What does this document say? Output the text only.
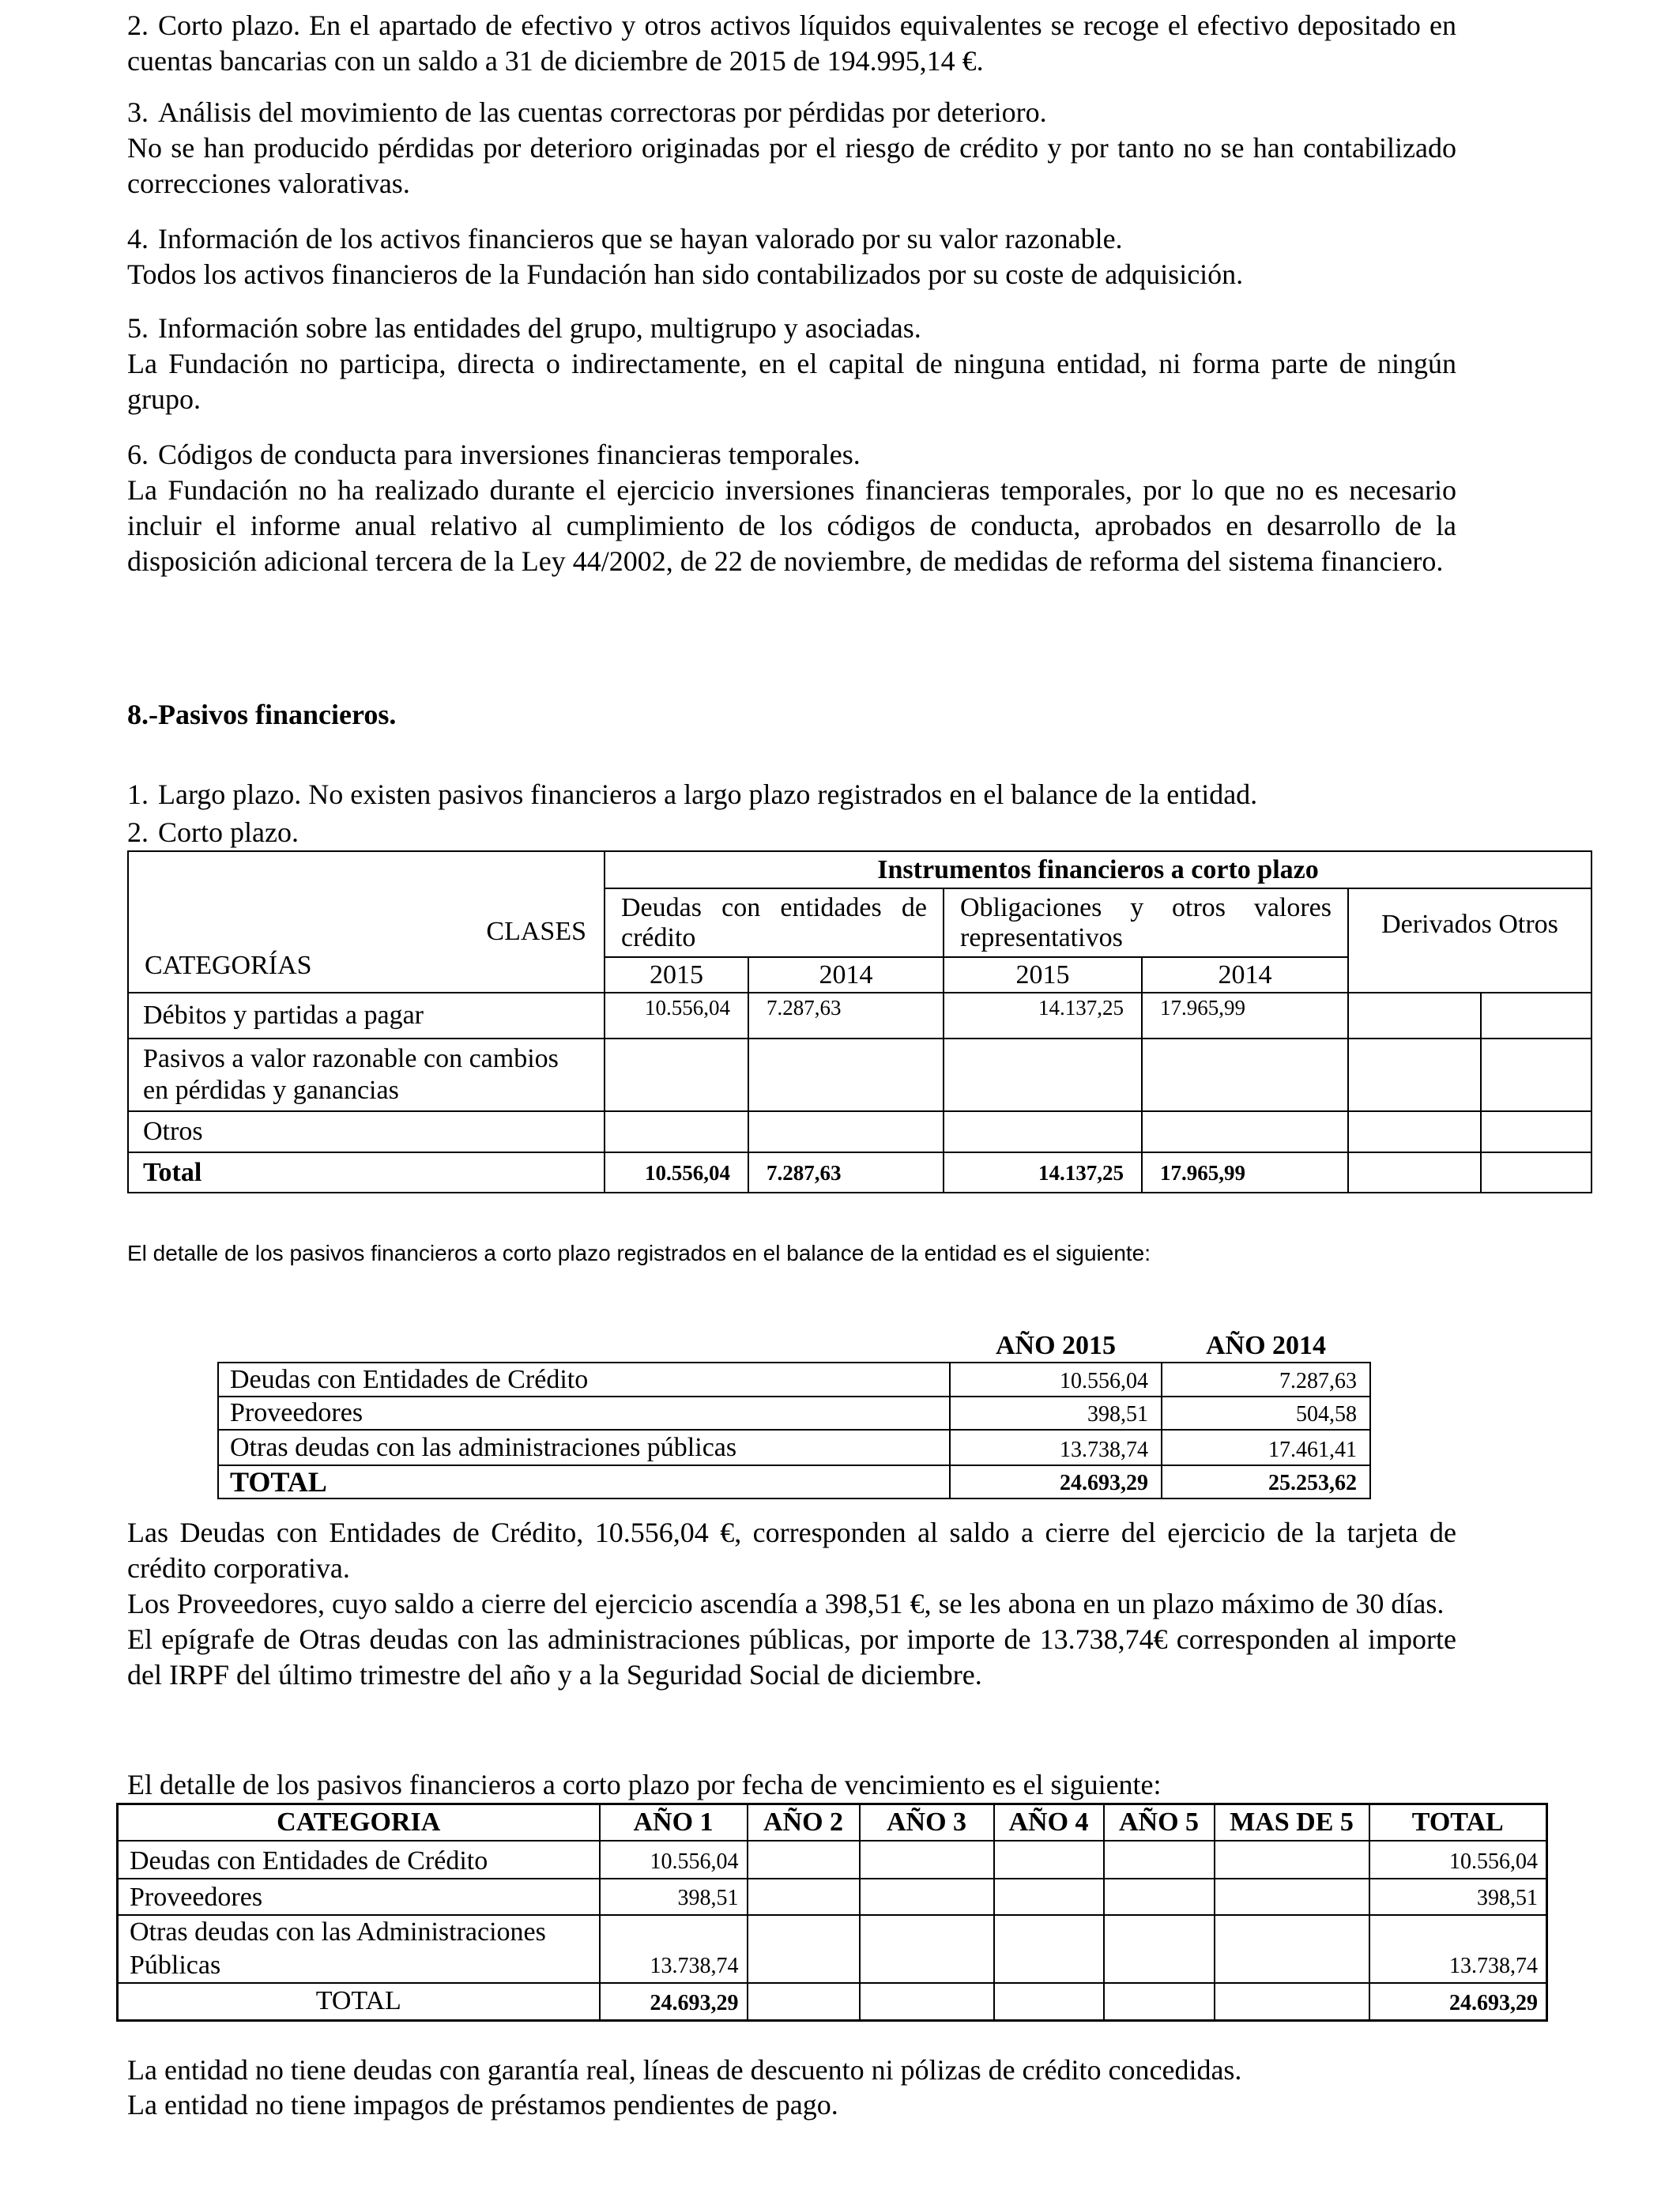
2. Corto plazo. En el apartado de efectivo y otros activos líquidos equivalentes se recoge el efectivo depositado en cuentas bancarias con un saldo a 31 de diciembre de 2015 de 194.995,14 €.

3. Análisis del movimiento de las cuentas correctoras por pérdidas por deterioro.

No se han producido pérdidas por deterioro originadas por el riesgo de crédito y por tanto no se han contabilizado correcciones valorativas.

4. Información de los activos financieros que se hayan valorado por su valor razonable.

Todos los activos financieros de la Fundación han sido contabilizados por su coste de adquisición.

5. Información sobre las entidades del grupo, multigrupo y asociadas.

La Fundación no participa, directa o indirectamente, en el capital de ninguna entidad, ni forma parte de ningún grupo.

6. Códigos de conducta para inversiones financieras temporales.

La Fundación no ha realizado durante el ejercicio inversiones financieras temporales, por lo que no es necesario incluir el informe anual relativo al cumplimiento de los códigos de conducta, aprobados en desarrollo de la disposición adicional tercera de la Ley 44/2002, de 22 de noviembre, de medidas de reforma del sistema financiero.

8.-Pasivos financieros.

1. Largo plazo. No existen pasivos financieros a largo plazo registrados en el balance de la entidad.

2. Corto plazo.

CLASES
CATEGORÍAS	Instrumentos financieros a corto plazo					
	Deudas con entidades de crédito		Obligaciones y otros valores representativos		Derivados Otros	
	2015	2014	2015	2014		
Débitos y partidas a pagar	10.556,04	7.287,63	14.137,25	17.965,99		
Pasivos a valor razonable con cambios en pérdidas y ganancias						
Otros						
Total	10.556,04	7.287,63	14.137,25	17.965,99		
El detalle de los pasivos financieros a corto plazo registrados en el balance de la entidad es el siguiente:
	AÑO 2015	AÑO 2014
Deudas con Entidades de Crédito	10.556,04	7.287,63
Proveedores	398,51	504,58
Otras deudas con las administraciones públicas	13.738,74	17.461,41
TOTAL	24.693,29	25.253,62

Las Deudas con Entidades de Crédito, 10.556,04 €, corresponden al saldo a cierre del ejercicio de la tarjeta de crédito corporativa.

Los Proveedores, cuyo saldo a cierre del ejercicio ascendía a 398,51 €, se les abona en un plazo máximo de 30 días.

El epígrafe de Otras deudas con las administraciones públicas, por importe de 13.738,74€ corresponden al importe del IRPF del último trimestre del año y a la Seguridad Social de diciembre.

El detalle de los pasivos financieros a corto plazo por fecha de vencimiento es el siguiente:
CATEGORIA	AÑO 1	AÑO 2	AÑO 3	AÑO 4	AÑO 5	MAS DE 5	TOTAL
Deudas con Entidades de Crédito	10.556,04						10.556,04
Proveedores	398,51						398,51
Otras deudas con las Administraciones Públicas	13.738,74						13.738,74
TOTAL	24.693,29						24.693,29

La entidad no tiene deudas con garantía real, líneas de descuento ni pólizas de crédito concedidas.

La entidad no tiene impagos de préstamos pendientes de pago.
